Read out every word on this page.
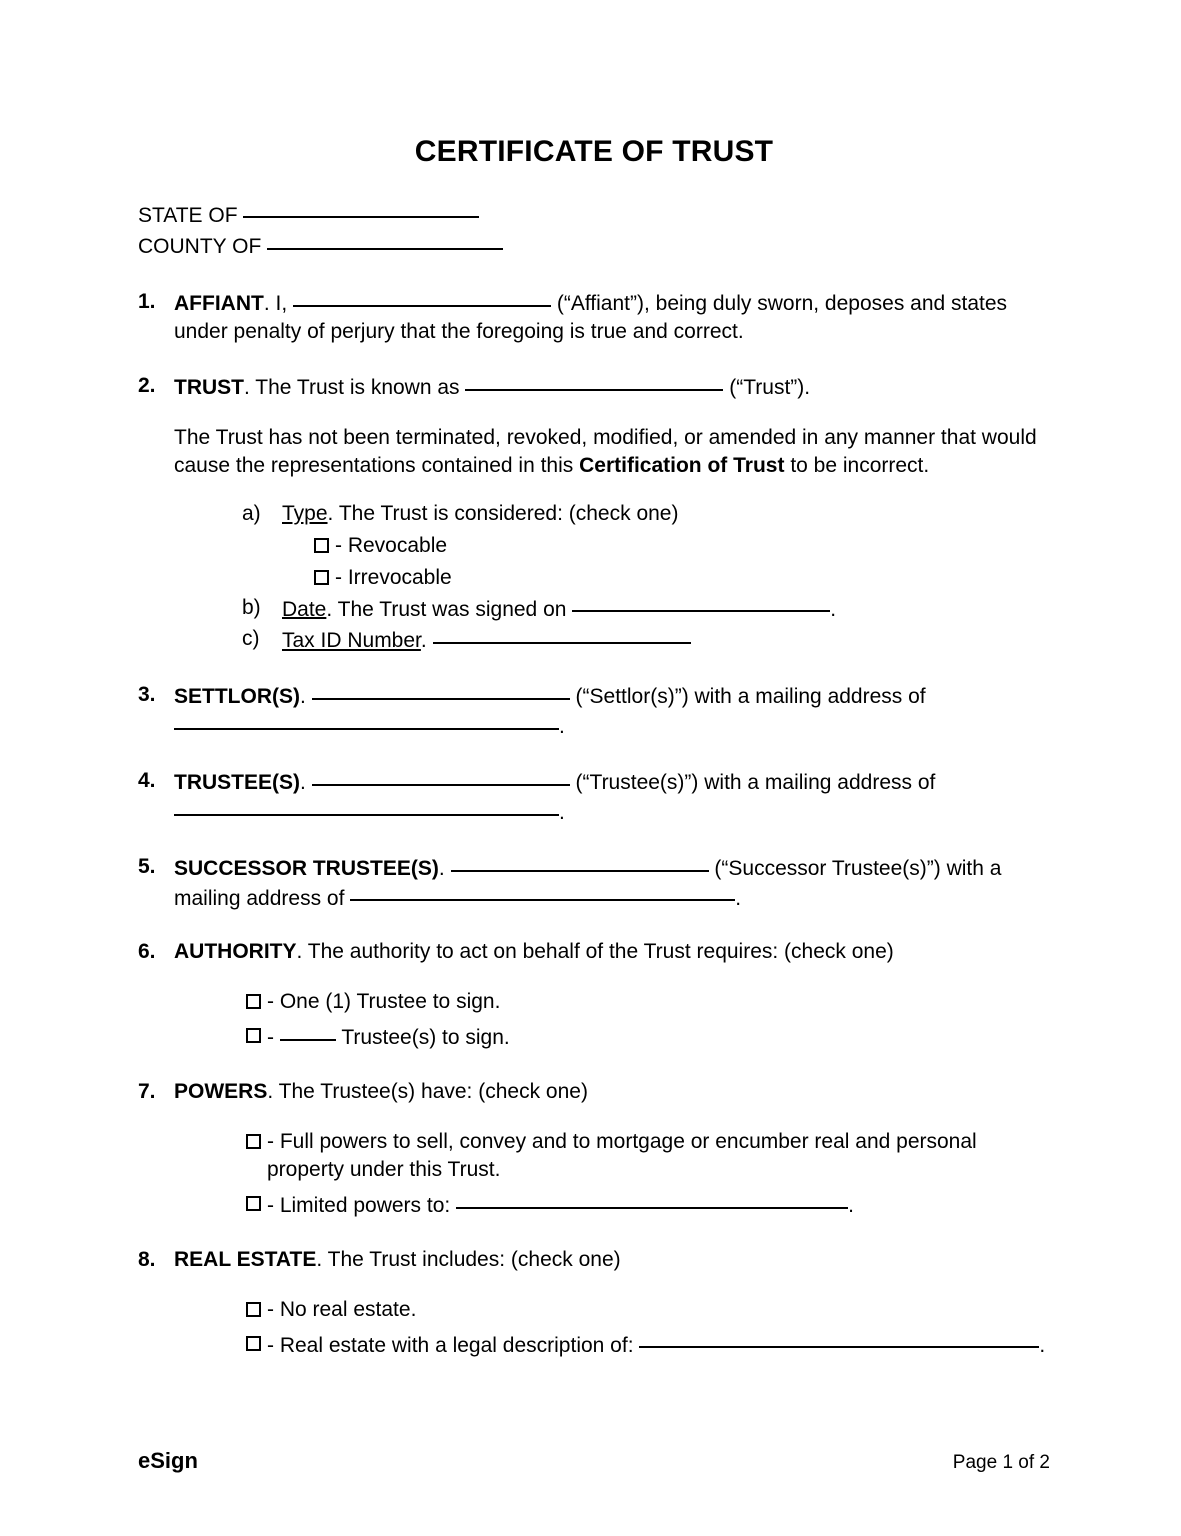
CERTIFICATE OF TRUST
STATE OF
COUNTY OF
1. AFFIANT. I,	(“Affiant”), being duly sworn, deposes and states under penalty of perjury that the foregoing is true and correct.

2. TRUST. The Trust is known as	(“Trust”).

The Trust has not been terminated, revoked, modified, or amended in any manner that would cause the representations contained in this Certification of Trust to be incorrect.

a)	Type. The Trust is considered: (check one)
- Revocable
- Irrevocable
b)	Date. The Trust was signed on	.
c)	Tax ID Number.
3. SETTLOR(S).	(“Settlor(s)”) with a mailing address of .

4. TRUSTEE(S).	(“Trustee(s)”) with a mailing address of .

5. SUCCESSOR TRUSTEE(S).	(“Successor Trustee(s)”) with a mailing address of	.

6. AUTHORITY. The authority to act on behalf of the Trust requires: (check one)

- One (1) Trustee to sign.
-	Trustee(s) to sign.
7. POWERS. The Trustee(s) have: (check one)

- Full powers to sell, convey and to mortgage or encumber real and personal property under this Trust.
- Limited powers to:	.
8. REAL ESTATE. The Trust includes: (check one)

- No real estate.
- Real estate with a legal description of:	.
eSign	Page 1 of 2
